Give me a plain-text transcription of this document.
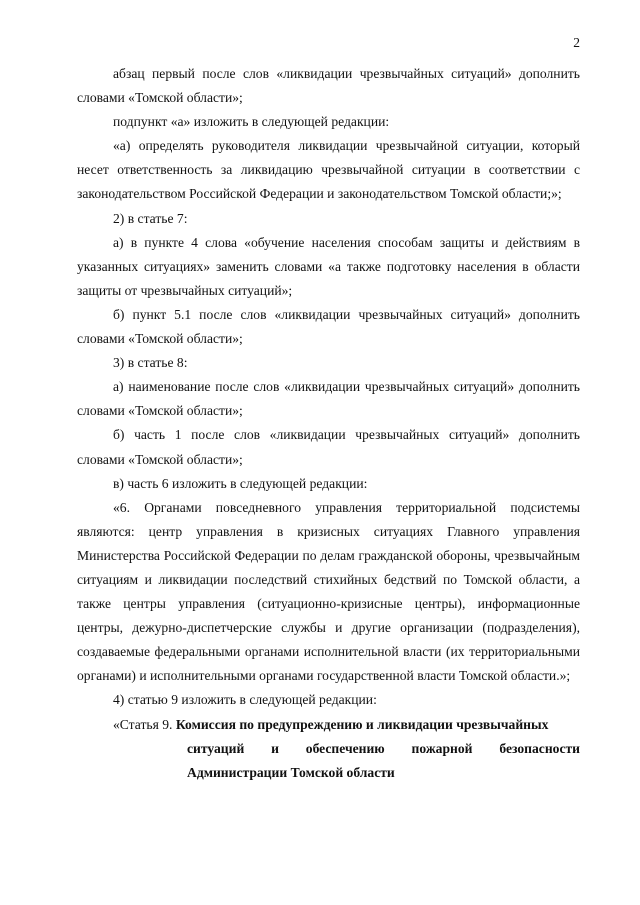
2

абзац первый после слов «ликвидации чрезвычайных ситуаций» дополнить словами «Томской области»;

подпункт «а» изложить в следующей редакции:

«а) определять руководителя ликвидации чрезвычайной ситуации, который несет ответственность за ликвидацию чрезвычайной ситуации в соответствии с законодательством Российской Федерации и законодательством Томской области;»;

2) в статье 7:

а) в пункте 4 слова «обучение населения способам защиты и действиям в указанных ситуациях» заменить словами «а также подготовку населения в области защиты от чрезвычайных ситуаций»;

б) пункт 5.1 после слов «ликвидации чрезвычайных ситуаций» дополнить словами «Томской области»;

3) в статье 8:

а) наименование после слов «ликвидации чрезвычайных ситуаций» дополнить словами «Томской области»;

б) часть 1 после слов «ликвидации чрезвычайных ситуаций» дополнить словами «Томской области»;

в) часть 6 изложить в следующей редакции:

«6. Органами повседневного управления территориальной подсистемы являются: центр управления в кризисных ситуациях Главного управления Министерства Российской Федерации по делам гражданской обороны, чрезвычайным ситуациям и ликвидации последствий стихийных бедствий по Томской области, а также центры управления (ситуационно-кризисные центры), информационные центры, дежурно-диспетчерские службы и другие организации (подразделения), создаваемые федеральными органами исполнительной власти (их территориальными органами) и исполнительными органами государственной власти Томской области.»;

4) статью 9 изложить в следующей редакции:

«Статья 9. Комиссия по предупреждению и ликвидации чрезвычайных

ситуаций и обеспечению пожарной безопасности Администрации Томской области
